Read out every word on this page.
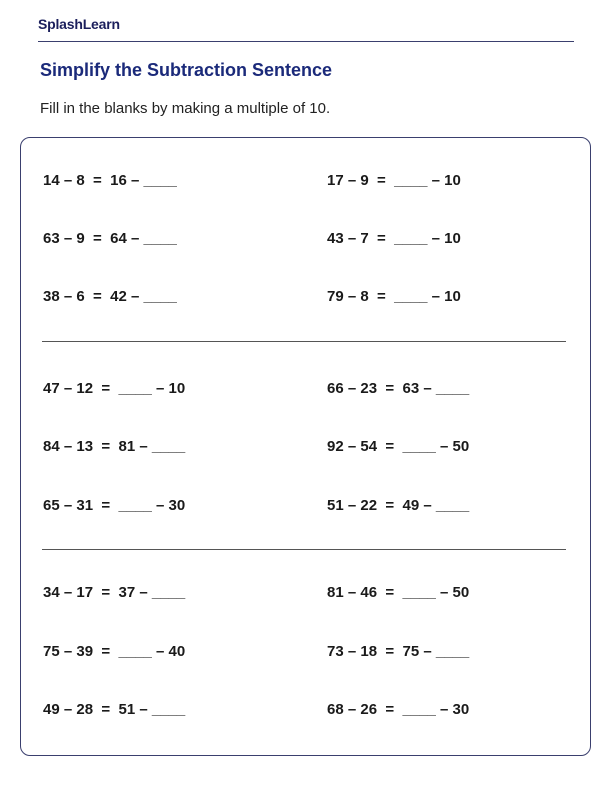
SplashLearn
Simplify the Subtraction Sentence
Fill in the blanks by making a multiple of 10.
14 – 8  =  16 – ____	17 – 9  =  ____ – 10
63 – 9  =  64 – ____	43 – 7  =  ____ – 10
38 – 6  =  42 – ____	79 – 8  =  ____ – 10
47 – 12  =  ____ – 10	66 – 23  =  63 – ____
84 – 13  =  81 – ____	92 – 54  =  ____ – 50
65 – 31  =  ____ – 30	51 – 22  =  49 – ____
34 – 17  =  37 – ____	81 – 46  =  ____ – 50
75 – 39  =  ____ – 40	73 – 18  =  75 – ____
49 – 28  =  51 – ____	68 – 26  =  ____ – 30
